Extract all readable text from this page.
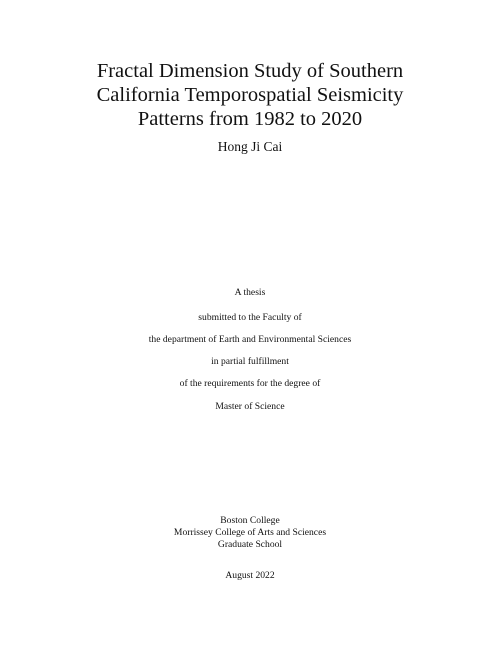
Fractal Dimension Study of Southern
California Temporospatial Seismicity
Patterns from 1982 to 2020
Hong Ji Cai
A thesis
submitted to the Faculty of
the department of Earth and Environmental Sciences
in partial fulfillment
of the requirements for the degree of
Master of Science
Boston College
Morrissey College of Arts and Sciences
Graduate School
August 2022
